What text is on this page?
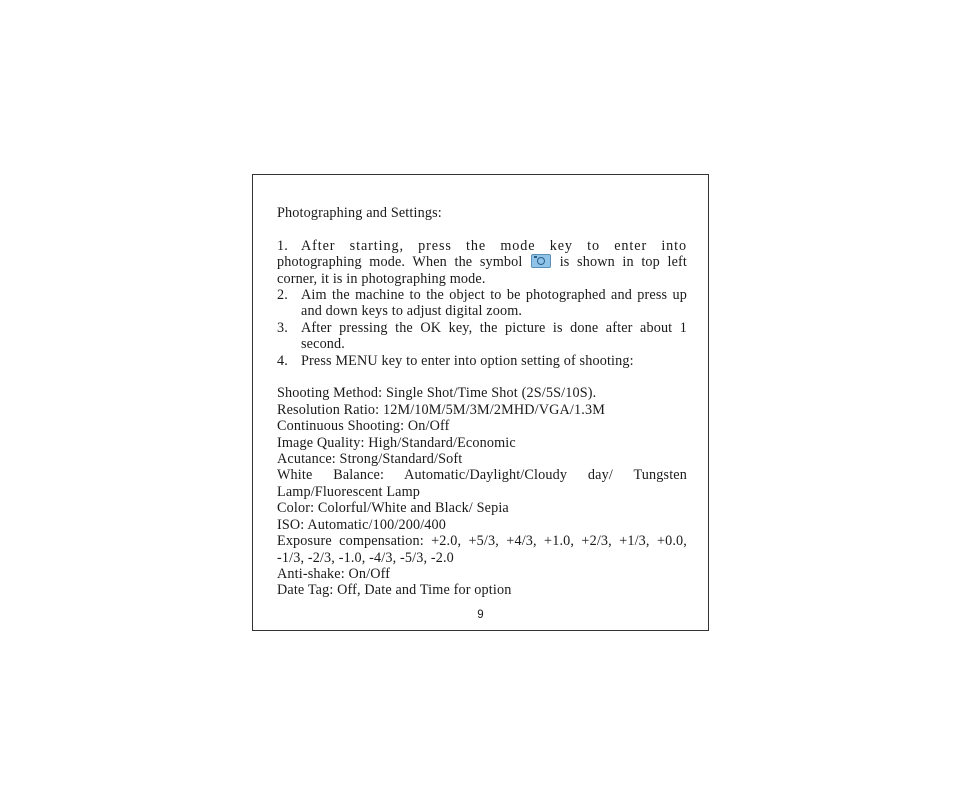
Photographing and Settings:

1. After starting, press the mode key to enter into photographing mode. When the symbol	is shown in top left corner, it is in photographing mode.
2. Aim the machine to the object to be photographed and press up and down keys to adjust digital zoom.
3. After pressing the OK key, the picture is done after about 1 second.
4. Press MENU key to enter into option setting of shooting:
Shooting Method: Single Shot/Time Shot (2S/5S/10S).
Resolution Ratio: 12M/10M/5M/3M/2MHD/VGA/1.3M
Continuous Shooting: On/Off
Image Quality: High/Standard/Economic
Acutance: Strong/Standard/Soft
White Balance: Automatic/Daylight/Cloudy day/ Tungsten Lamp/Fluorescent Lamp
Color: Colorful/White and Black/ Sepia
ISO: Automatic/100/200/400
Exposure compensation: +2.0, +5/3, +4/3, +1.0, +2/3, +1/3, +0.0, -1/3, -2/3, -1.0, -4/3, -5/3, -2.0
Anti-shake: On/Off
Date Tag: Off, Date and Time for option
9
